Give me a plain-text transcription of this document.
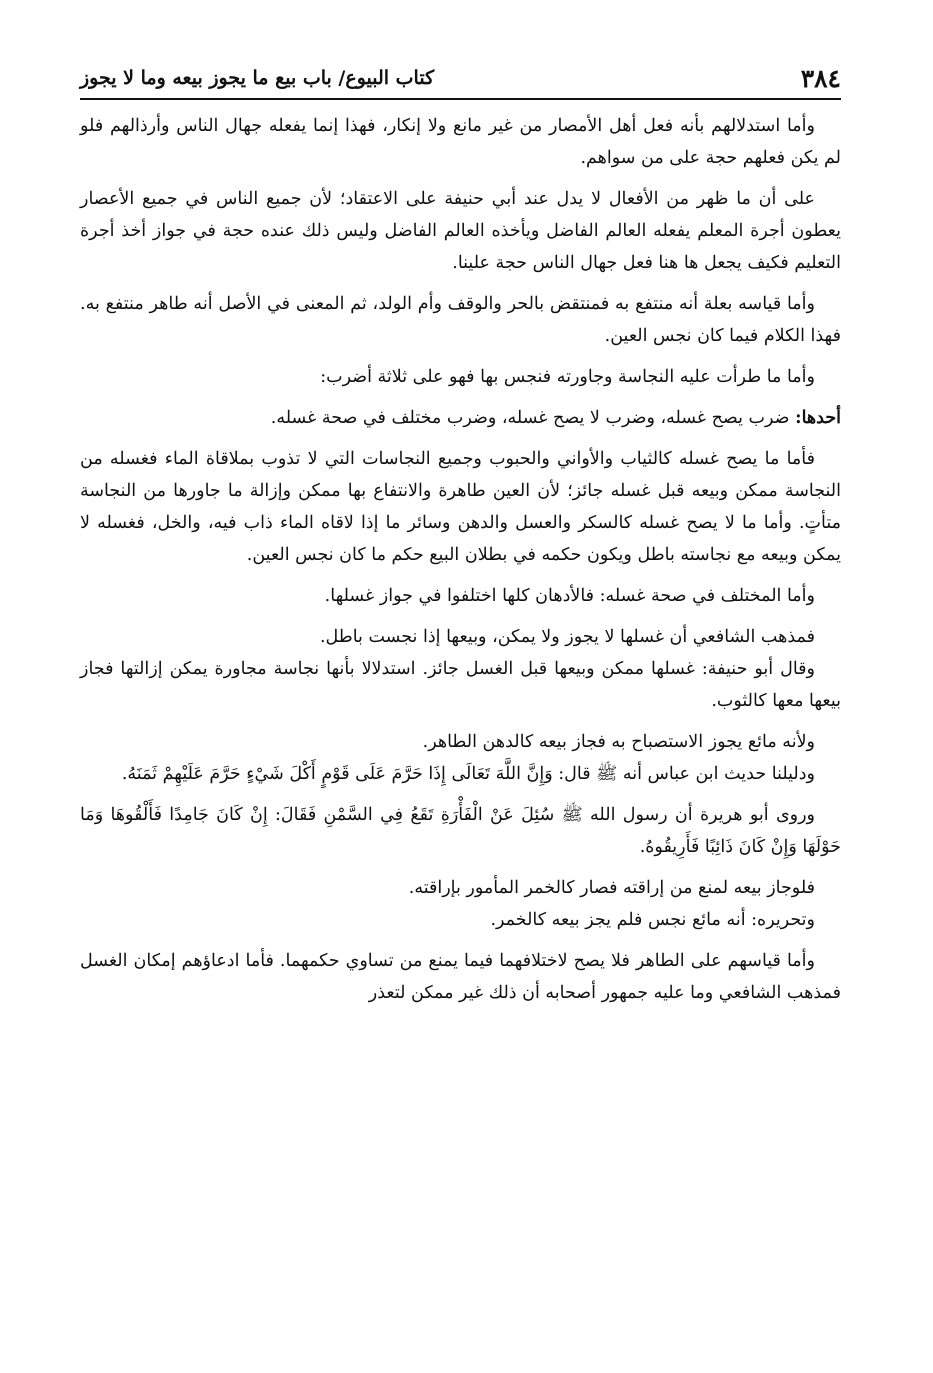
٣٨٤
كتاب البيوع/ باب بيع ما يجوز بيعه وما لا يجوز

وأما استدلالهم بأنه فعل أهل الأمصار من غير مانع ولا إنكار، فهذا إنما يفعله جهال الناس وأرذالهم فلو لم يكن فعلهم حجة على من سواهم.

على أن ما ظهر من الأفعال لا يدل عند أبي حنيفة على الاعتقاد؛ لأن جميع الناس في جميع الأعصار يعطون أجرة المعلم يفعله العالم الفاضل ويأخذه العالم الفاضل وليس ذلك عنده حجة في جواز أخذ أجرة التعليم فكيف يجعل ها هنا فعل جهال الناس حجة علينا.

وأما قياسه بعلة أنه منتفع به فمنتقض بالحر والوقف وأم الولد، ثم المعنى في الأصل أنه طاهر منتفع به. فهذا الكلام فيما كان نجس العين.

وأما ما طرأت عليه النجاسة وجاورته فنجس بها فهو على ثلاثة أضرب:

أحدها: ضرب يصح غسله، وضرب لا يصح غسله، وضرب مختلف في صحة غسله.

فأما ما يصح غسله كالثياب والأواني والحبوب وجميع النجاسات التي لا تذوب بملاقاة الماء فغسله من النجاسة ممكن وبيعه قبل غسله جائز؛ لأن العين طاهرة والانتفاع بها ممكن وإزالة ما جاورها من النجاسة متأتٍ. وأما ما لا يصح غسله كالسكر والعسل والدهن وسائر ما إذا لاقاه الماء ذاب فيه، والخل، فغسله لا يمكن وبيعه مع نجاسته باطل ويكون حكمه في بطلان البيع حكم ما كان نجس العين.

وأما المختلف في صحة غسله: فالأدهان كلها اختلفوا في جواز غسلها.

فمذهب الشافعي أن غسلها لا يجوز ولا يمكن، وبيعها إذا نجست باطل.

وقال أبو حنيفة: غسلها ممكن وبيعها قبل الغسل جائز. استدلالا بأنها نجاسة مجاورة يمكن إزالتها فجاز بيعها معها كالثوب.

ولأنه مائع يجوز الاستصباح به فجاز بيعه كالدهن الطاهر.

ودليلنا حديث ابن عباس أنه ﷺ قال: وَإِنَّ اللَّهَ تَعَالَى إِذَا حَرَّمَ عَلَى قَوْمٍ أَكْلَ شَيْءٍ حَرَّمَ عَلَيْهِمْ ثَمَنَهُ.

وروى أبو هريرة أن رسول الله ﷺ سُئِلَ عَنْ الْفَأْرَةِ تَقَعُ فِي السَّمْنِ فَقَالَ: إِنْ كَانَ جَامِدًا فَأَلْقُوهَا وَمَا حَوْلَهَا وَإِنْ كَانَ ذَائِبًا فَأَرِيقُوهُ.

فلوجاز بيعه لمنع من إراقته فصار كالخمر المأمور بإراقته.

وتحريره: أنه مائع نجس فلم يجز بيعه كالخمر.

وأما قياسهم على الطاهر فلا يصح لاختلافهما فيما يمنع من تساوي حكمهما. فأما ادعاؤهم إمكان الغسل فمذهب الشافعي وما عليه جمهور أصحابه أن ذلك غير ممكن لتعذر
